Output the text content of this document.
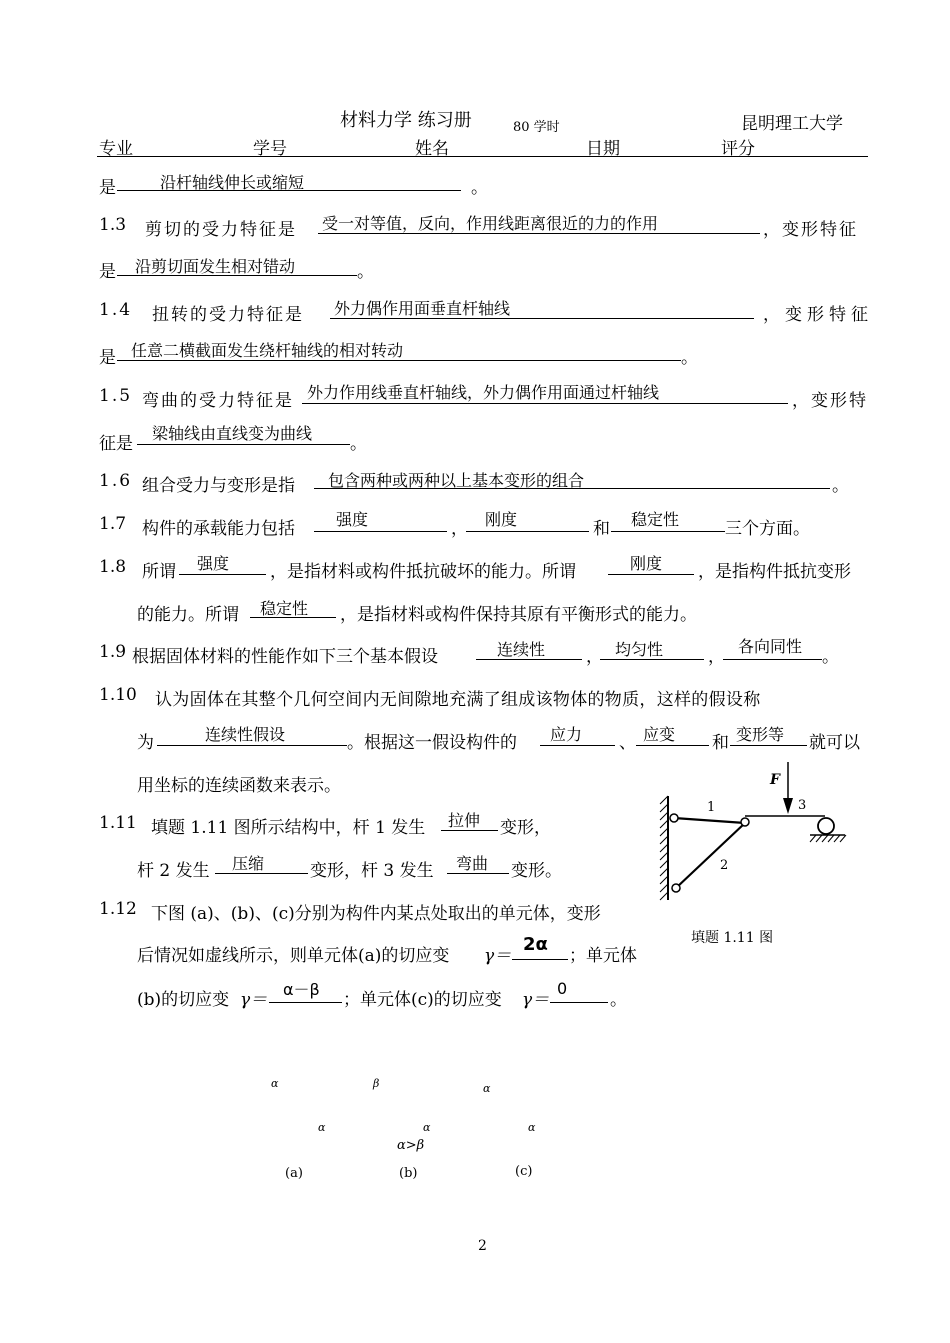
材料力学 练习册	80 学时	昆明理工大学
专业	学号	姓名	日期	评分
是	沿杆轴线伸长或缩短	。
1.3 剪切的受力特征是 受一对等值，反向，作用线距离很近的力的作用	，变形特征
是 沿剪切面发生相对错动	。
1.4 扭转的受力特征是 外力偶作用面垂直杆轴线	，变形特征
是 任意二横截面发生绕杆轴线的相对转动	。
1.5 弯曲的受力特征是 外力作用线垂直杆轴线，外力偶作用面通过杆轴线	，变形特
征是
梁轴线由直线变为曲线
。
1.6 组合受力与变形是指 包含两种或两种以上基本变形的组合	。
1.7 构件的承载能力包括	强度	， 刚度	和 稳定性	三个方面。
1.8 所谓 强度 ，是指材料或构件抵抗破坏的能力。所谓	刚度 ，是指构件抵抗变形
的能力。所谓 稳定性 ，是指材料或构件保持其原有平衡形式的能力。
1.9 根据固体材料的性能作如下三个基本假设	连续性 ， 均匀性	，
各向同性
。
1.10 认为固体在其整个几何空间内无间隙地充满了组成该物体的物质，这样的假设称
为	连续性假设	。根据这一假设构件的 应力 、 应变 和 变形等 就可以
用坐标的连续函数来表示。
1.11 填题 1.11 图所示结构中，杆 1 发生 拉伸 变形，
杆 2 发生 压缩	变形，杆 3 发生 弯曲 变形。
1.12 下图 (a)、(b)、(c)分别为构件内某点处取出的单元体，变形
后情况如虚线所示，则单元体(a)的切应变 γ＝
2α
；单元体
(b)的切应变 γ＝
α－β
；单元体(c)的切应变 γ＝
0
。
F
1
2
3
填题 1.11 图
α	β	α
α	α	α
α>β
(a)	(b)	(c)
2
